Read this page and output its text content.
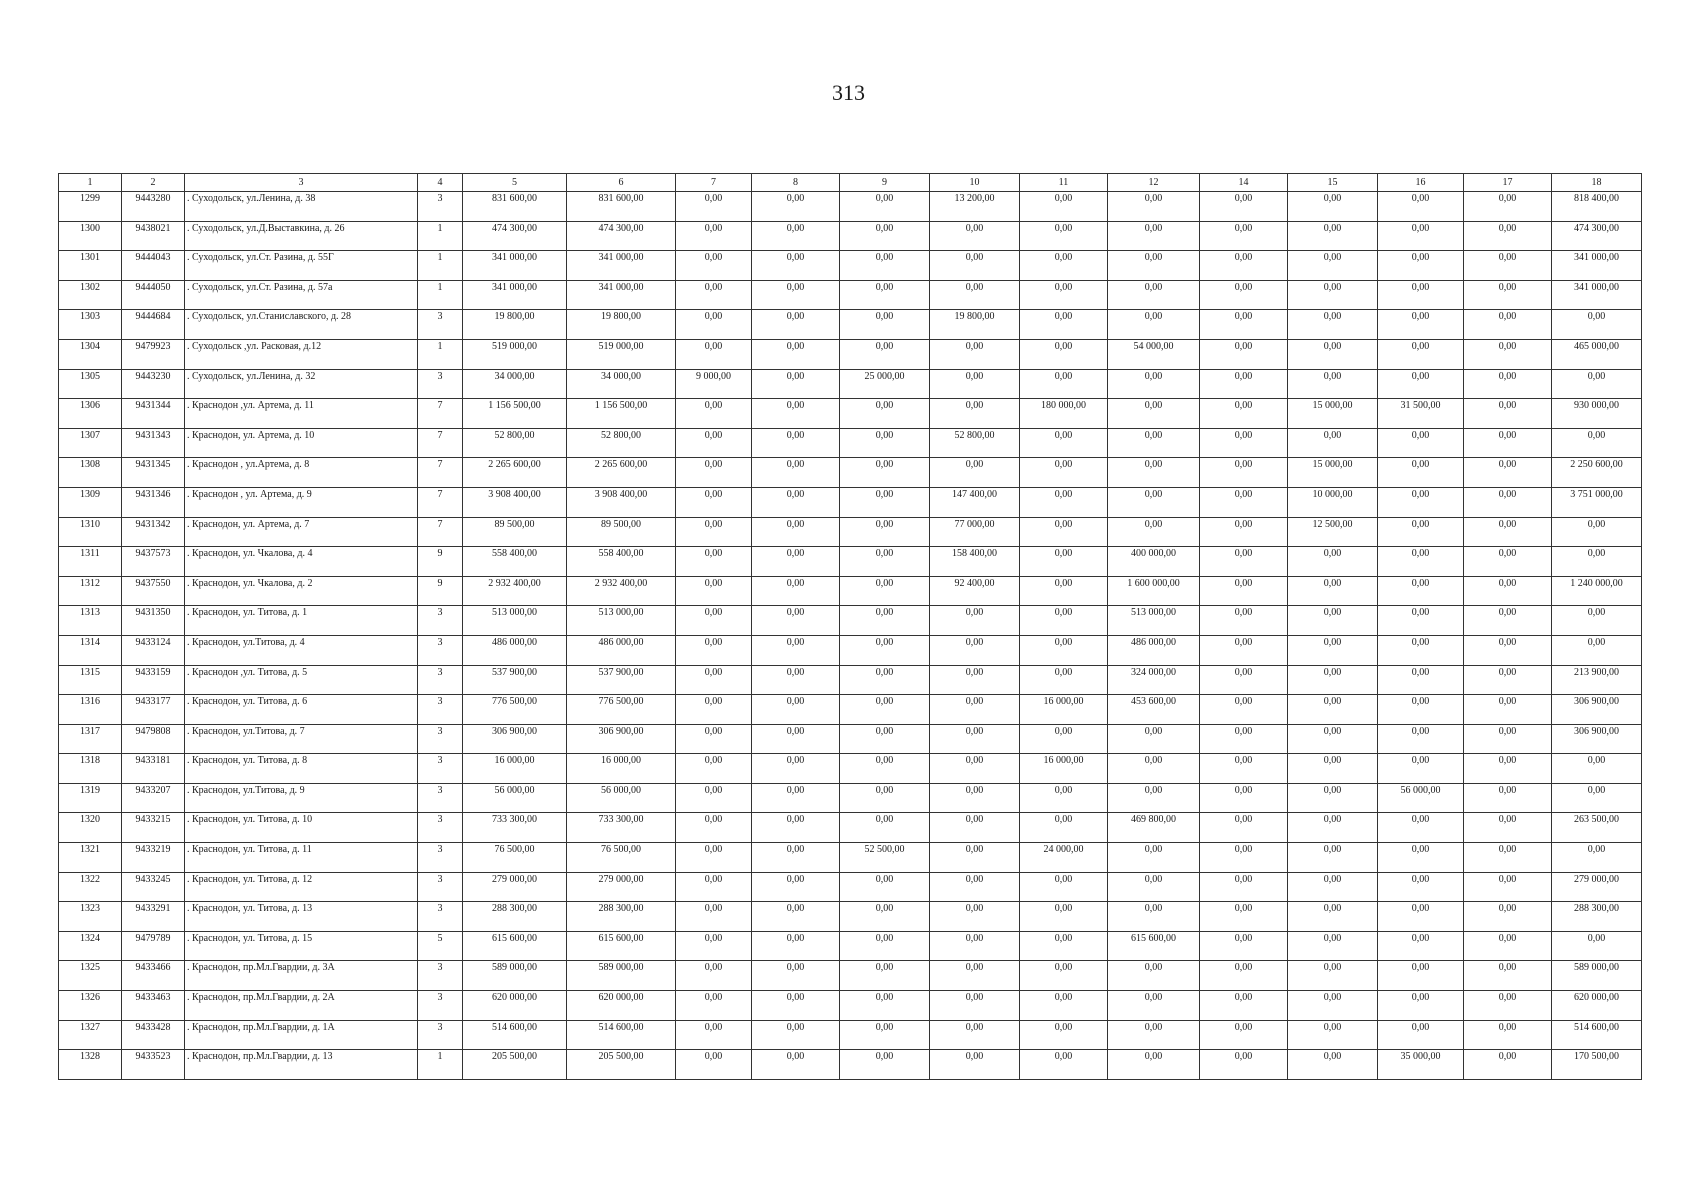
313
1	2	3	4	5	6	7	8	9	10	11	12	14	15	16	17	18
1299	9443280	. Суходольск, ул.Ленина, д. 38	3	831 600,00	831 600,00	0,00	0,00	0,00	13 200,00	0,00	0,00	0,00	0,00	0,00	0,00	818 400,00
1300	9438021	. Суходольск, ул.Д.Выставкина, д. 26	1	474 300,00	474 300,00	0,00	0,00	0,00	0,00	0,00	0,00	0,00	0,00	0,00	0,00	474 300,00
1301	9444043	. Суходольск, ул.Ст. Разина, д. 55Г	1	341 000,00	341 000,00	0,00	0,00	0,00	0,00	0,00	0,00	0,00	0,00	0,00	0,00	341 000,00
1302	9444050	. Суходольск, ул.Ст. Разина, д. 57а	1	341 000,00	341 000,00	0,00	0,00	0,00	0,00	0,00	0,00	0,00	0,00	0,00	0,00	341 000,00
1303	9444684	. Суходольск, ул.Станиславского, д. 28	3	19 800,00	19 800,00	0,00	0,00	0,00	19 800,00	0,00	0,00	0,00	0,00	0,00	0,00	0,00
1304	9479923	. Суходольск ,ул. Расковая, д.12	1	519 000,00	519 000,00	0,00	0,00	0,00	0,00	0,00	54 000,00	0,00	0,00	0,00	0,00	465 000,00
1305	9443230	. Суходольск, ул.Ленина, д. 32	3	34 000,00	34 000,00	9 000,00	0,00	25 000,00	0,00	0,00	0,00	0,00	0,00	0,00	0,00	0,00
1306	9431344	. Краснодон ,ул. Артема, д. 11	7	1 156 500,00	1 156 500,00	0,00	0,00	0,00	0,00	180 000,00	0,00	0,00	15 000,00	31 500,00	0,00	930 000,00
1307	9431343	. Краснодон, ул. Артема, д. 10	7	52 800,00	52 800,00	0,00	0,00	0,00	52 800,00	0,00	0,00	0,00	0,00	0,00	0,00	0,00
1308	9431345	. Краснодон , ул.Артема, д. 8	7	2 265 600,00	2 265 600,00	0,00	0,00	0,00	0,00	0,00	0,00	0,00	15 000,00	0,00	0,00	2 250 600,00
1309	9431346	. Краснодон , ул. Артема, д. 9	7	3 908 400,00	3 908 400,00	0,00	0,00	0,00	147 400,00	0,00	0,00	0,00	10 000,00	0,00	0,00	3 751 000,00
1310	9431342	. Краснодон, ул. Артема, д. 7	7	89 500,00	89 500,00	0,00	0,00	0,00	77 000,00	0,00	0,00	0,00	12 500,00	0,00	0,00	0,00
1311	9437573	. Краснодон, ул. Чкалова, д. 4	9	558 400,00	558 400,00	0,00	0,00	0,00	158 400,00	0,00	400 000,00	0,00	0,00	0,00	0,00	0,00
1312	9437550	. Краснодон, ул. Чкалова, д. 2	9	2 932 400,00	2 932 400,00	0,00	0,00	0,00	92 400,00	0,00	1 600 000,00	0,00	0,00	0,00	0,00	1 240 000,00
1313	9431350	. Краснодон, ул. Титова, д. 1	3	513 000,00	513 000,00	0,00	0,00	0,00	0,00	0,00	513 000,00	0,00	0,00	0,00	0,00	0,00
1314	9433124	. Краснодон, ул.Титова, д. 4	3	486 000,00	486 000,00	0,00	0,00	0,00	0,00	0,00	486 000,00	0,00	0,00	0,00	0,00	0,00
1315	9433159	. Краснодон ,ул. Титова, д. 5	3	537 900,00	537 900,00	0,00	0,00	0,00	0,00	0,00	324 000,00	0,00	0,00	0,00	0,00	213 900,00
1316	9433177	. Краснодон, ул. Титова, д. 6	3	776 500,00	776 500,00	0,00	0,00	0,00	0,00	16 000,00	453 600,00	0,00	0,00	0,00	0,00	306 900,00
1317	9479808	. Краснодон, ул.Титова, д. 7	3	306 900,00	306 900,00	0,00	0,00	0,00	0,00	0,00	0,00	0,00	0,00	0,00	0,00	306 900,00
1318	9433181	. Краснодон, ул. Титова, д. 8	3	16 000,00	16 000,00	0,00	0,00	0,00	0,00	16 000,00	0,00	0,00	0,00	0,00	0,00	0,00
1319	9433207	. Краснодон, ул.Титова, д. 9	3	56 000,00	56 000,00	0,00	0,00	0,00	0,00	0,00	0,00	0,00	0,00	56 000,00	0,00	0,00
1320	9433215	. Краснодон, ул. Титова, д. 10	3	733 300,00	733 300,00	0,00	0,00	0,00	0,00	0,00	469 800,00	0,00	0,00	0,00	0,00	263 500,00
1321	9433219	. Краснодон, ул. Титова, д. 11	3	76 500,00	76 500,00	0,00	0,00	52 500,00	0,00	24 000,00	0,00	0,00	0,00	0,00	0,00	0,00
1322	9433245	. Краснодон, ул. Титова, д. 12	3	279 000,00	279 000,00	0,00	0,00	0,00	0,00	0,00	0,00	0,00	0,00	0,00	0,00	279 000,00
1323	9433291	. Краснодон, ул. Титова, д. 13	3	288 300,00	288 300,00	0,00	0,00	0,00	0,00	0,00	0,00	0,00	0,00	0,00	0,00	288 300,00
1324	9479789	. Краснодон, ул. Титова, д. 15	5	615 600,00	615 600,00	0,00	0,00	0,00	0,00	0,00	615 600,00	0,00	0,00	0,00	0,00	0,00
1325	9433466	. Краснодон, пр.Мл.Гвардии, д. 3А	3	589 000,00	589 000,00	0,00	0,00	0,00	0,00	0,00	0,00	0,00	0,00	0,00	0,00	589 000,00
1326	9433463	. Краснодон, пр.Мл.Гвардии, д. 2А	3	620 000,00	620 000,00	0,00	0,00	0,00	0,00	0,00	0,00	0,00	0,00	0,00	0,00	620 000,00
1327	9433428	. Краснодон, пр.Мл.Гвардии, д. 1А	3	514 600,00	514 600,00	0,00	0,00	0,00	0,00	0,00	0,00	0,00	0,00	0,00	0,00	514 600,00
1328	9433523	. Краснодон, пр.Мл.Гвардии, д. 13	1	205 500,00	205 500,00	0,00	0,00	0,00	0,00	0,00	0,00	0,00	0,00	35 000,00	0,00	170 500,00
